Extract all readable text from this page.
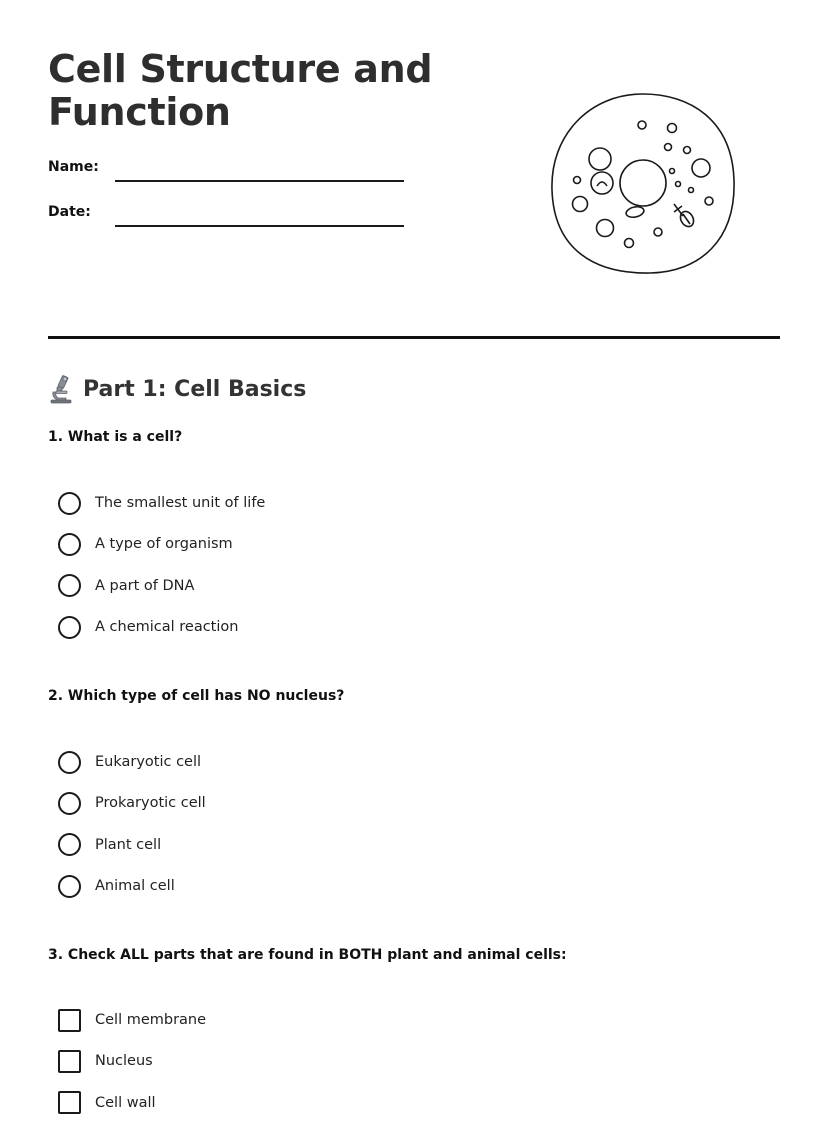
Cell Structure and
Function
Name:
Date:
Part 1: Cell Basics
1. What is a cell?
The smallest unit of life
A type of organism
A part of DNA
A chemical reaction
2. Which type of cell has NO nucleus?
Eukaryotic cell
Prokaryotic cell
Plant cell
Animal cell
3. Check ALL parts that are found in BOTH plant and animal cells:
Cell membrane
Nucleus
Cell wall
